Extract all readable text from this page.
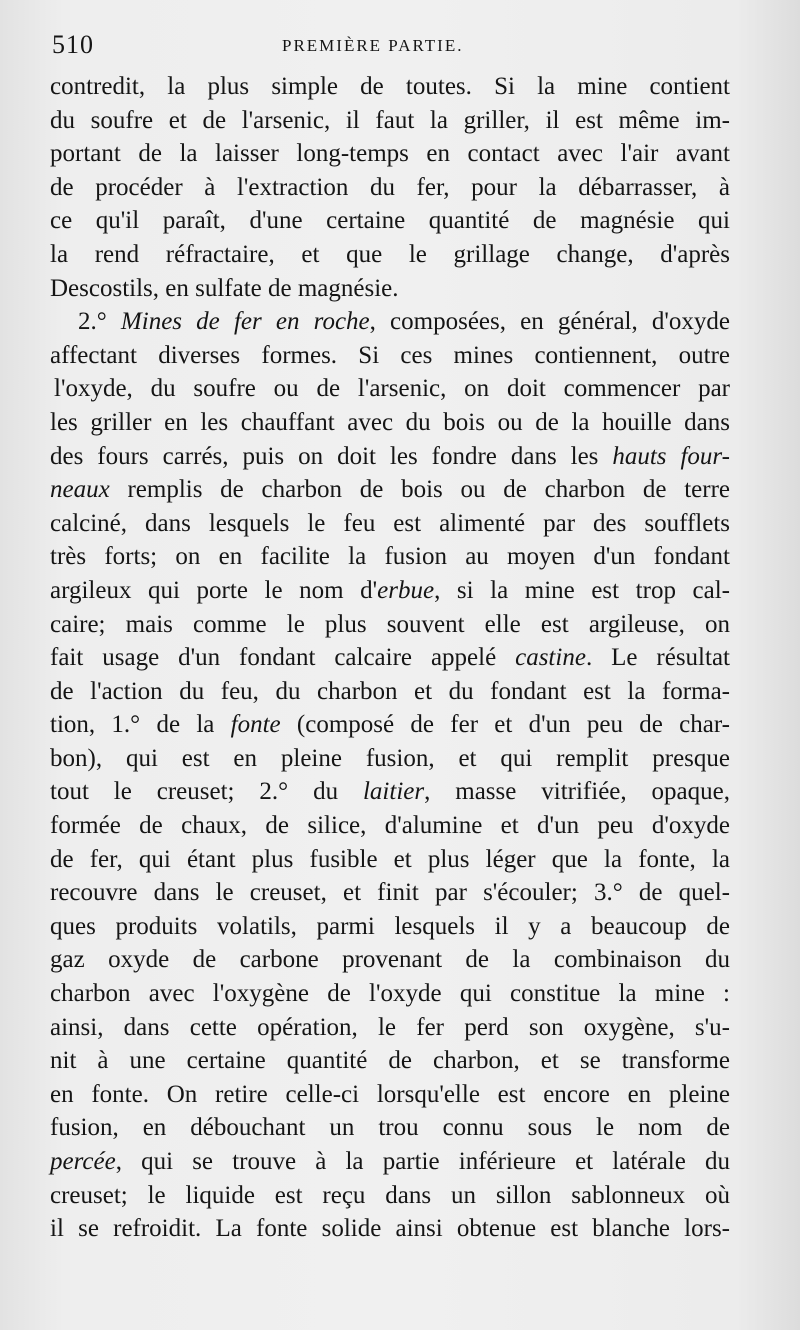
510	PREMIÈRE PARTIE.
contredit, la plus simple de toutes. Si la mine contient
du soufre et de l'arsenic, il faut la griller, il est même im-
portant de la laisser long-temps en contact avec l'air avant
de procéder à l'extraction du fer, pour la débarrasser, à
ce qu'il paraît, d'une certaine quantité de magnésie qui
la rend réfractaire, et que le grillage change, d'après
Descostils, en sulfate de magnésie.
2.° Mines de fer en roche, composées, en général, d'oxyde
affectant diverses formes. Si ces mines contiennent, outre
l'oxyde, du soufre ou de l'arsenic, on doit commencer par
les griller en les chauffant avec du bois ou de la houille dans
des fours carrés, puis on doit les fondre dans les hauts four-
neaux remplis de charbon de bois ou de charbon de terre
calciné, dans lesquels le feu est alimenté par des soufflets
très forts; on en facilite la fusion au moyen d'un fondant
argileux qui porte le nom d'erbue, si la mine est trop cal-
caire; mais comme le plus souvent elle est argileuse, on
fait usage d'un fondant calcaire appelé castine. Le résultat
de l'action du feu, du charbon et du fondant est la forma-
tion, 1.° de la fonte (composé de fer et d'un peu de char-
bon), qui est en pleine fusion, et qui remplit presque
tout le creuset; 2.° du laitier, masse vitrifiée, opaque,
formée de chaux, de silice, d'alumine et d'un peu d'oxyde
de fer, qui étant plus fusible et plus léger que la fonte, la
recouvre dans le creuset, et finit par s'écouler; 3.° de quel-
ques produits volatils, parmi lesquels il y a beaucoup de
gaz oxyde de carbone provenant de la combinaison du
charbon avec l'oxygène de l'oxyde qui constitue la mine :
ainsi, dans cette opération, le fer perd son oxygène, s'u-
nit à une certaine quantité de charbon, et se transforme
en fonte. On retire celle-ci lorsqu'elle est encore en pleine
fusion, en débouchant un trou connu sous le nom de
percée, qui se trouve à la partie inférieure et latérale du
creuset; le liquide est reçu dans un sillon sablonneux où
il se refroidit. La fonte solide ainsi obtenue est blanche lors-
